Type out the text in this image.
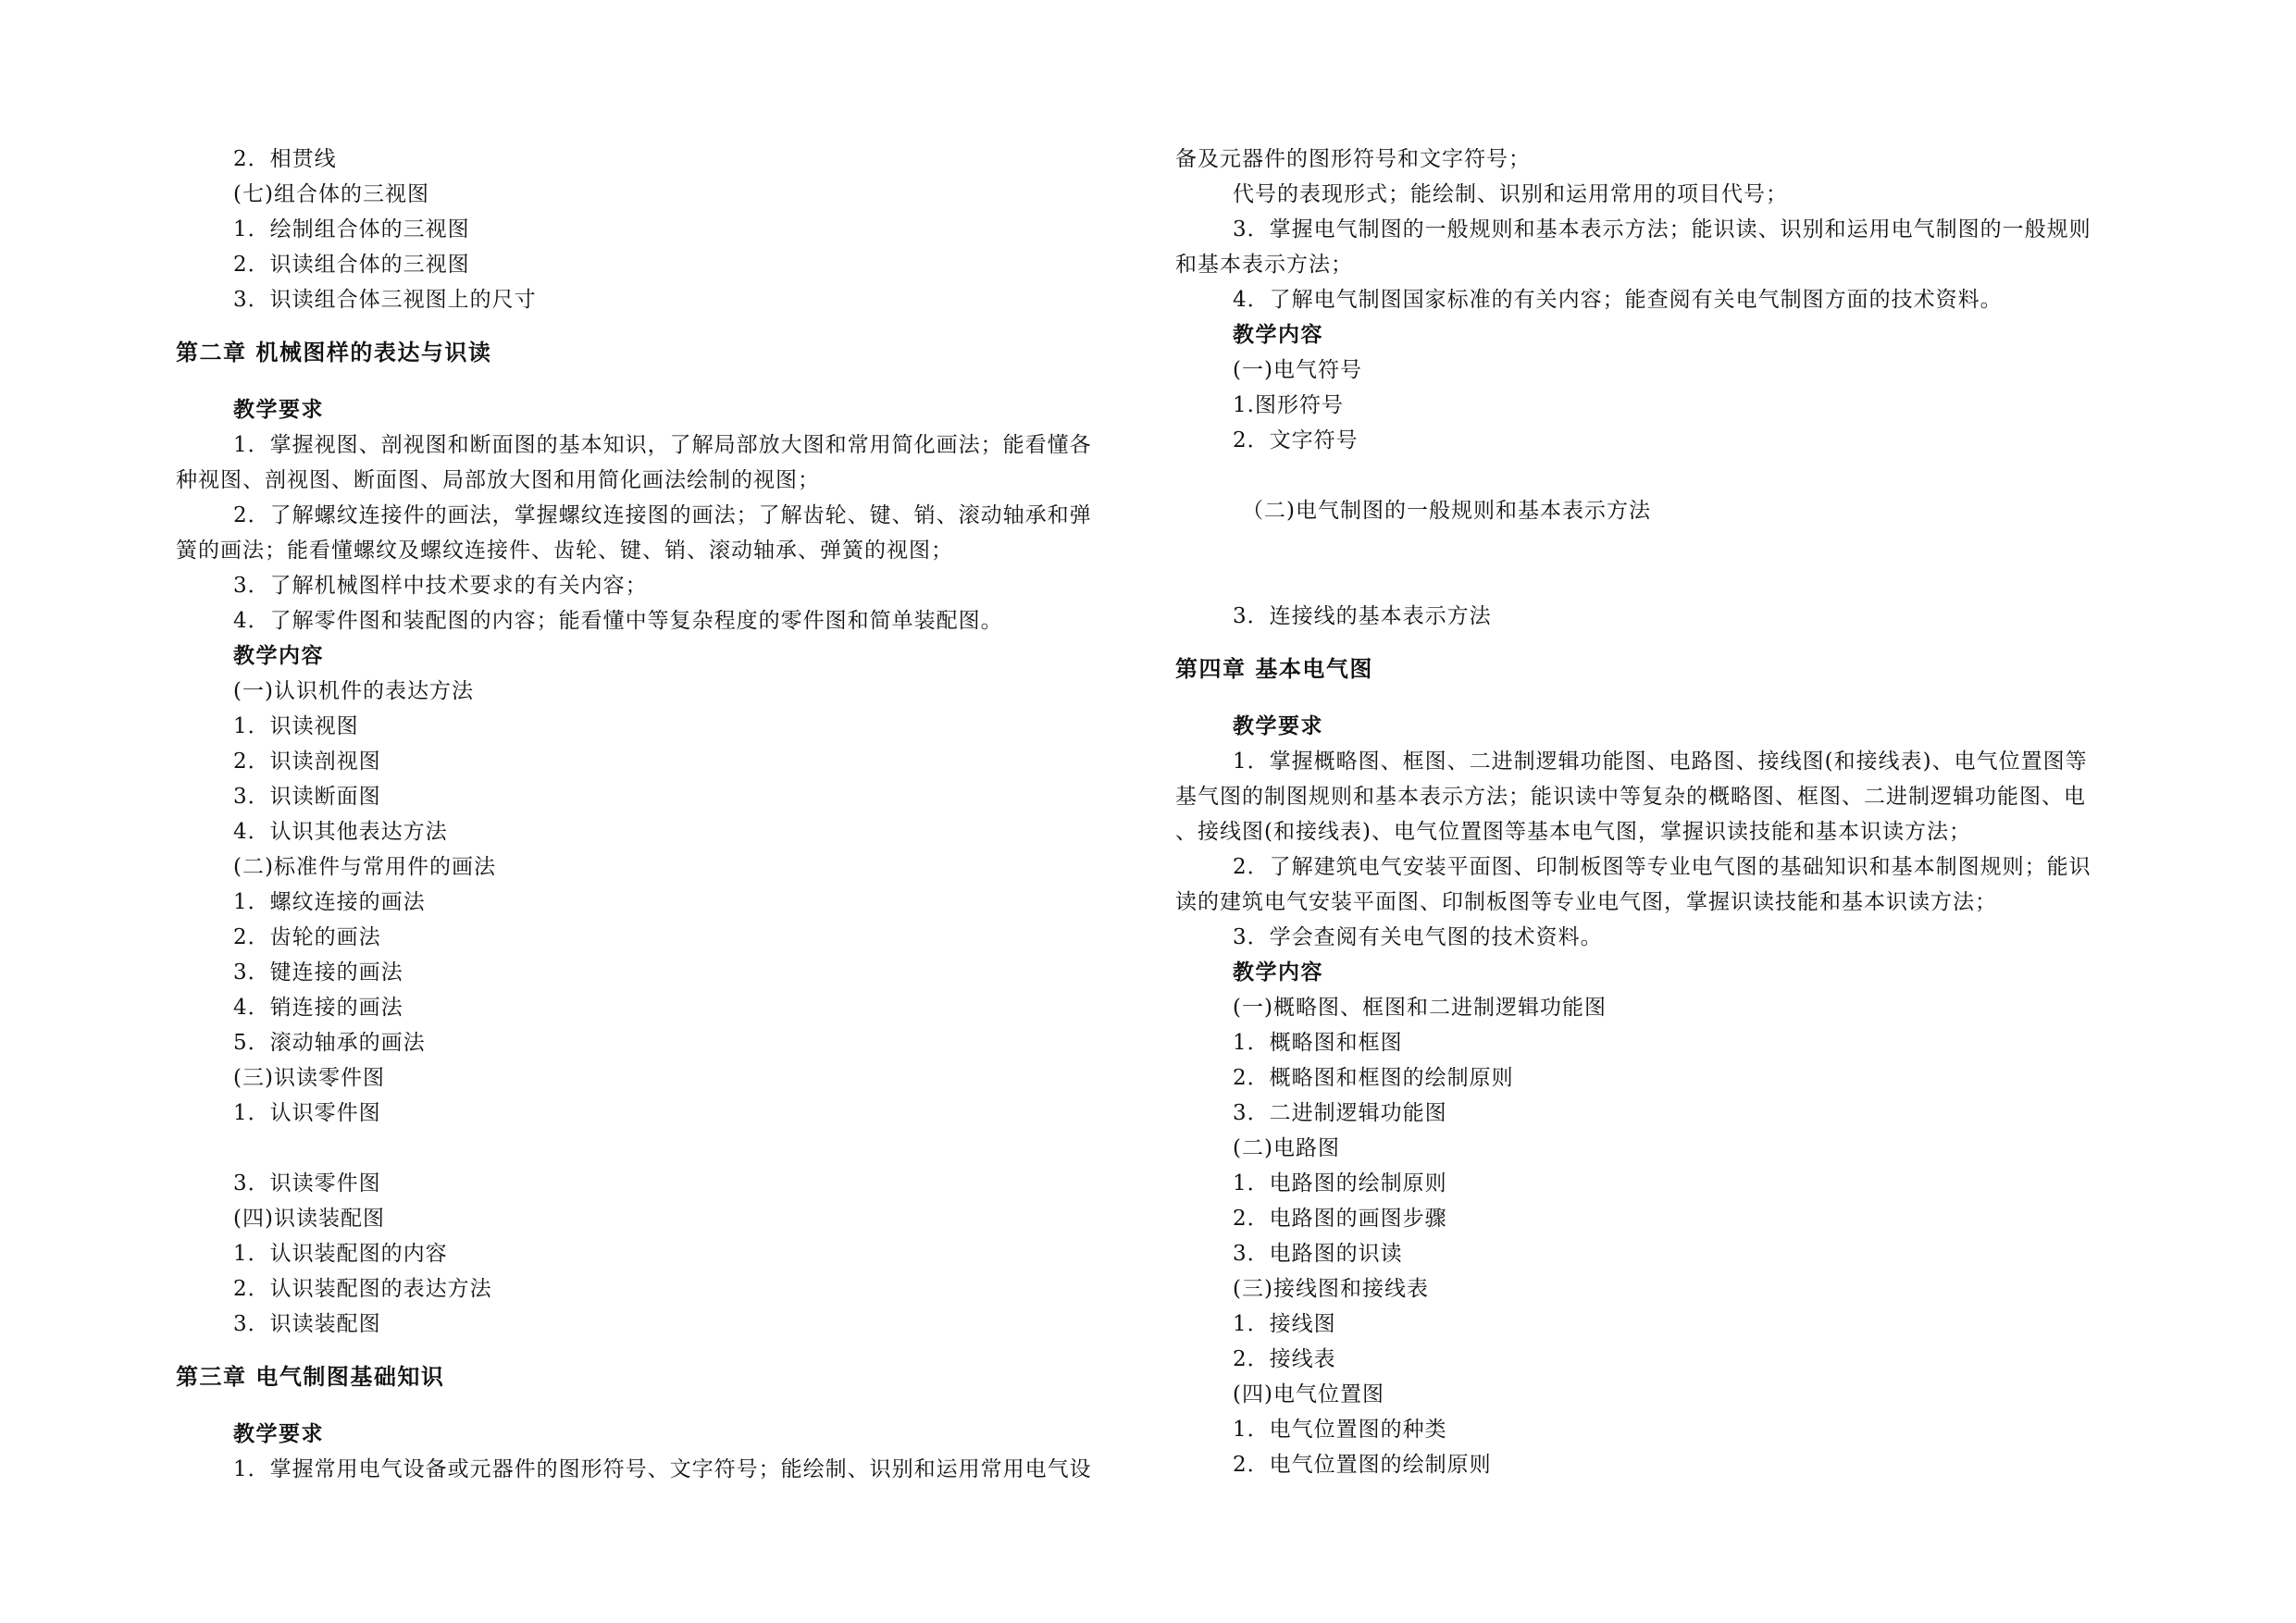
2．相贯线
(七)组合体的三视图
1．绘制组合体的三视图
2．识读组合体的三视图
3．识读组合体三视图上的尺寸
第二章 机械图样的表达与识读
教学要求
1．掌握视图、剖视图和断面图的基本知识，了解局部放大图和常用简化画法；能看懂各
种视图、剖视图、断面图、局部放大图和用简化画法绘制的视图；
2．了解螺纹连接件的画法，掌握螺纹连接图的画法；了解齿轮、键、销、滚动轴承和弹
簧的画法；能看懂螺纹及螺纹连接件、齿轮、键、销、滚动轴承、弹簧的视图；
3．了解机械图样中技术要求的有关内容；
4．了解零件图和装配图的内容；能看懂中等复杂程度的零件图和简单装配图。
教学内容
(一)认识机件的表达方法
1．识读视图
2．识读剖视图
3．识读断面图
4．认识其他表达方法
(二)标准件与常用件的画法
1．螺纹连接的画法
2．齿轮的画法
3．键连接的画法
4．销连接的画法
5．滚动轴承的画法
(三)识读零件图
1．认识零件图
3．识读零件图
(四)识读装配图
1．认识装配图的内容
2．认识装配图的表达方法
3．识读装配图
第三章 电气制图基础知识
教学要求
1．掌握常用电气设备或元器件的图形符号、文字符号；能绘制、识别和运用常用电气设
备及元器件的图形符号和文字符号；
代号的表现形式；能绘制、识别和运用常用的项目代号；
3．掌握电气制图的一般规则和基本表示方法；能识读、识别和运用电气制图的一般规则
和基本表示方法；
4．了解电气制图国家标准的有关内容；能查阅有关电气制图方面的技术资料。
教学内容
(一)电气符号
1.图形符号
2．文字符号
（二)电气制图的一般规则和基本表示方法
3．连接线的基本表示方法
第四章 基本电气图
教学要求
1．掌握概略图、框图、二进制逻辑功能图、电路图、接线图(和接线表)、电气位置图等
基气图的制图规则和基本表示方法；能识读中等复杂的概略图、框图、二进制逻辑功能图、电
、接线图(和接线表)、电气位置图等基本电气图，掌握识读技能和基本识读方法；
2．了解建筑电气安装平面图、印制板图等专业电气图的基础知识和基本制图规则；能识
读的建筑电气安装平面图、印制板图等专业电气图，掌握识读技能和基本识读方法；
3．学会查阅有关电气图的技术资料。
教学内容
(一)概略图、框图和二进制逻辑功能图
1．概略图和框图
2．概略图和框图的绘制原则
3．二进制逻辑功能图
(二)电路图
1．电路图的绘制原则
2．电路图的画图步骤
3．电路图的识读
(三)接线图和接线表
1．接线图
2．接线表
(四)电气位置图
1．电气位置图的种类
2．电气位置图的绘制原则
